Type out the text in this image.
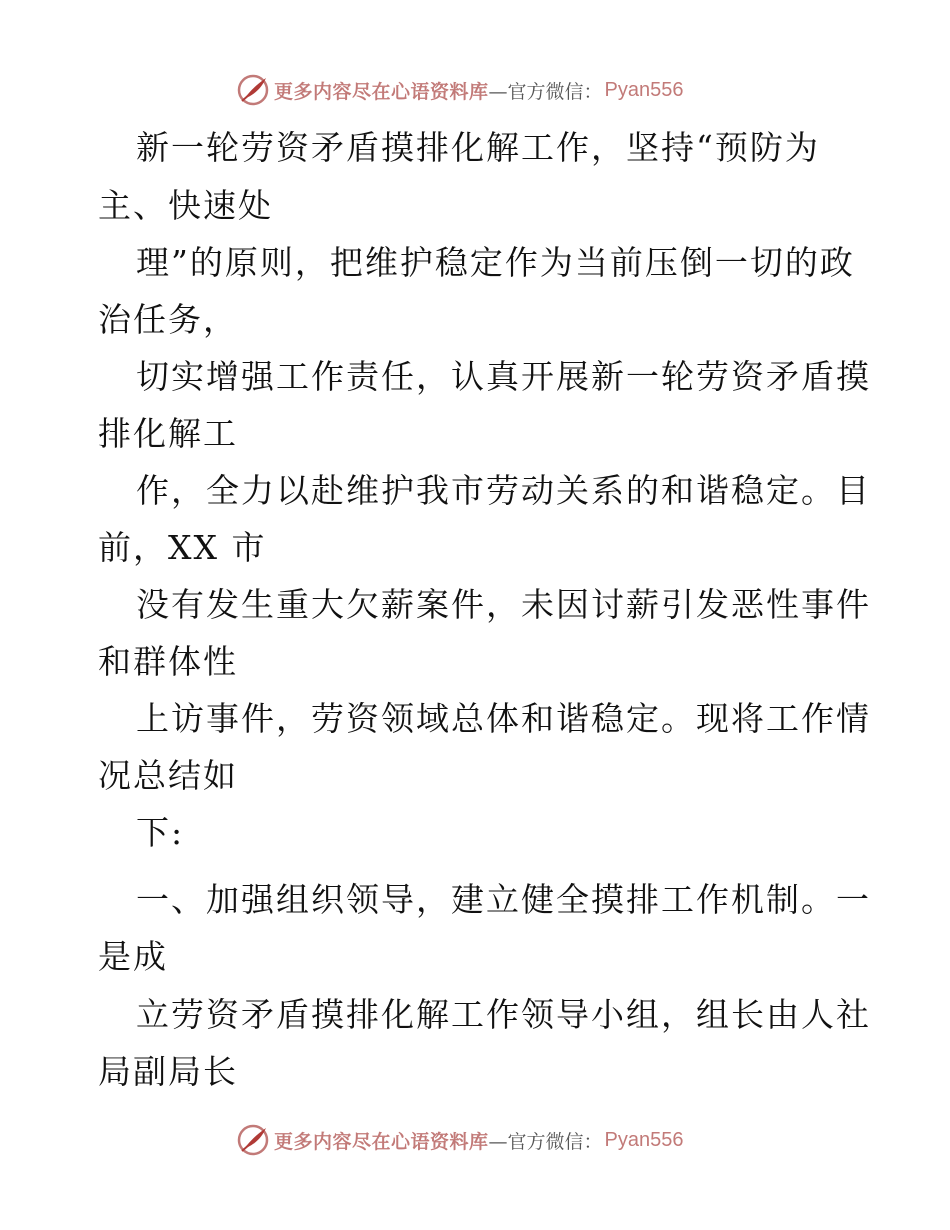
更多内容尽在心语资料库 —官方微信： Pyan556
新一轮劳资矛盾摸排化解工作，坚持“预防为
主、快速处
理”的原则，把维护稳定作为当前压倒一切的政
治任务，
切实增强工作责任，认真开展新一轮劳资矛盾摸
排化解工
作，全力以赴维护我市劳动关系的和谐稳定。目
前，XX 市
没有发生重大欠薪案件，未因讨薪引发恶性事件
和群体性
上访事件，劳资领域总体和谐稳定。现将工作情
况总结如
下:
一、加强组织领导，建立健全摸排工作机制。一
是成
立劳资矛盾摸排化解工作领导小组，组长由人社
局副局长
更多内容尽在心语资料库 —官方微信： Pyan556
